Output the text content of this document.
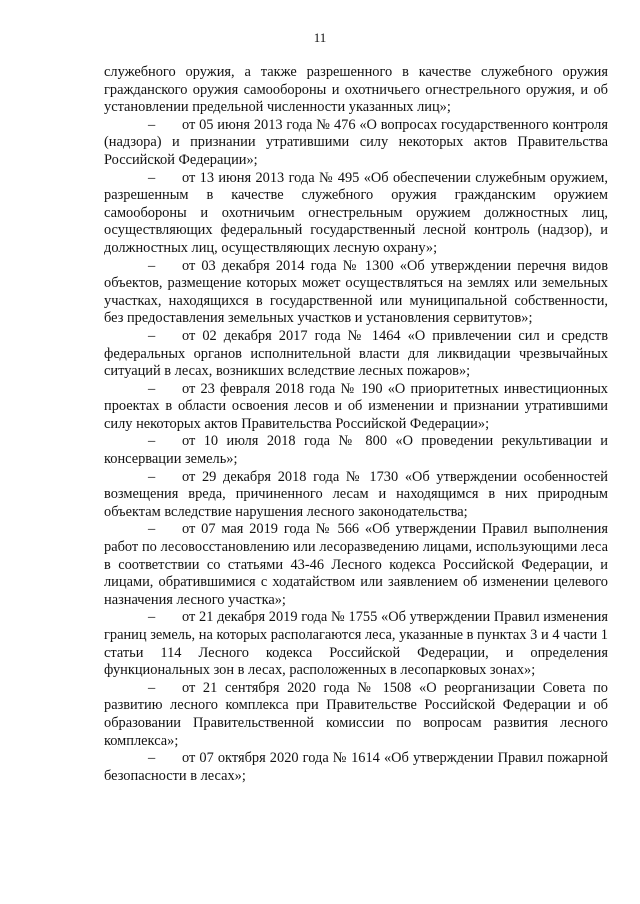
11

служебного оружия, а также разрешенного в качестве служебного оружия гражданского оружия самообороны и охотничьего огнестрельного оружия, и об установлении предельной численности указанных лиц»;

– от 05 июня 2013 года № 476 «О вопросах государственного контроля (надзора) и признании утратившими силу некоторых актов Правительства Российской Федерации»;

– от 13 июня 2013 года № 495 «Об обеспечении служебным оружием, разрешенным в качестве служебного оружия гражданским оружием самообороны и охотничьим огнестрельным оружием должностных лиц, осуществляющих федеральный государственный лесной контроль (надзор), и должностных лиц, осуществляющих лесную охрану»;

– от 03 декабря 2014 года № 1300 «Об утверждении перечня видов объектов, размещение которых может осуществляться на землях или земельных участках, находящихся в государственной или муниципальной собственности, без предоставления земельных участков и установления сервитутов»;

– от 02 декабря 2017 года № 1464 «О привлечении сил и средств федеральных органов исполнительной власти для ликвидации чрезвычайных ситуаций в лесах, возникших вследствие лесных пожаров»;

– от 23 февраля 2018 года № 190 «О приоритетных инвестиционных проектах в области освоения лесов и об изменении и признании утратившими силу некоторых актов Правительства Российской Федерации»;

– от 10 июля 2018 года № 800 «О проведении рекультивации и консервации земель»;

– от 29 декабря 2018 года № 1730 «Об утверждении особенностей возмещения вреда, причиненного лесам и находящимся в них природным объектам вследствие нарушения лесного законодательства;

– от 07 мая 2019 года № 566 «Об утверждении Правил выполнения работ по лесовосстановлению или лесоразведению лицами, использующими леса в соответствии со статьями 43-46 Лесного кодекса Российской Федерации, и лицами, обратившимися с ходатайством или заявлением об изменении целевого назначения лесного участка»;

– от 21 декабря 2019 года № 1755 «Об утверждении Правил изменения границ земель, на которых располагаются леса, указанные в пунктах 3 и 4 части 1 статьи 114 Лесного кодекса Российской Федерации, и определения функциональных зон в лесах, расположенных в лесопарковых зонах»;

– от 21 сентября 2020 года № 1508 «О реорганизации Совета по развитию лесного комплекса при Правительстве Российской Федерации и об образовании Правительственной комиссии по вопросам развития лесного комплекса»;

– от 07 октября 2020 года № 1614 «Об утверждении Правил пожарной безопасности в лесах»;
